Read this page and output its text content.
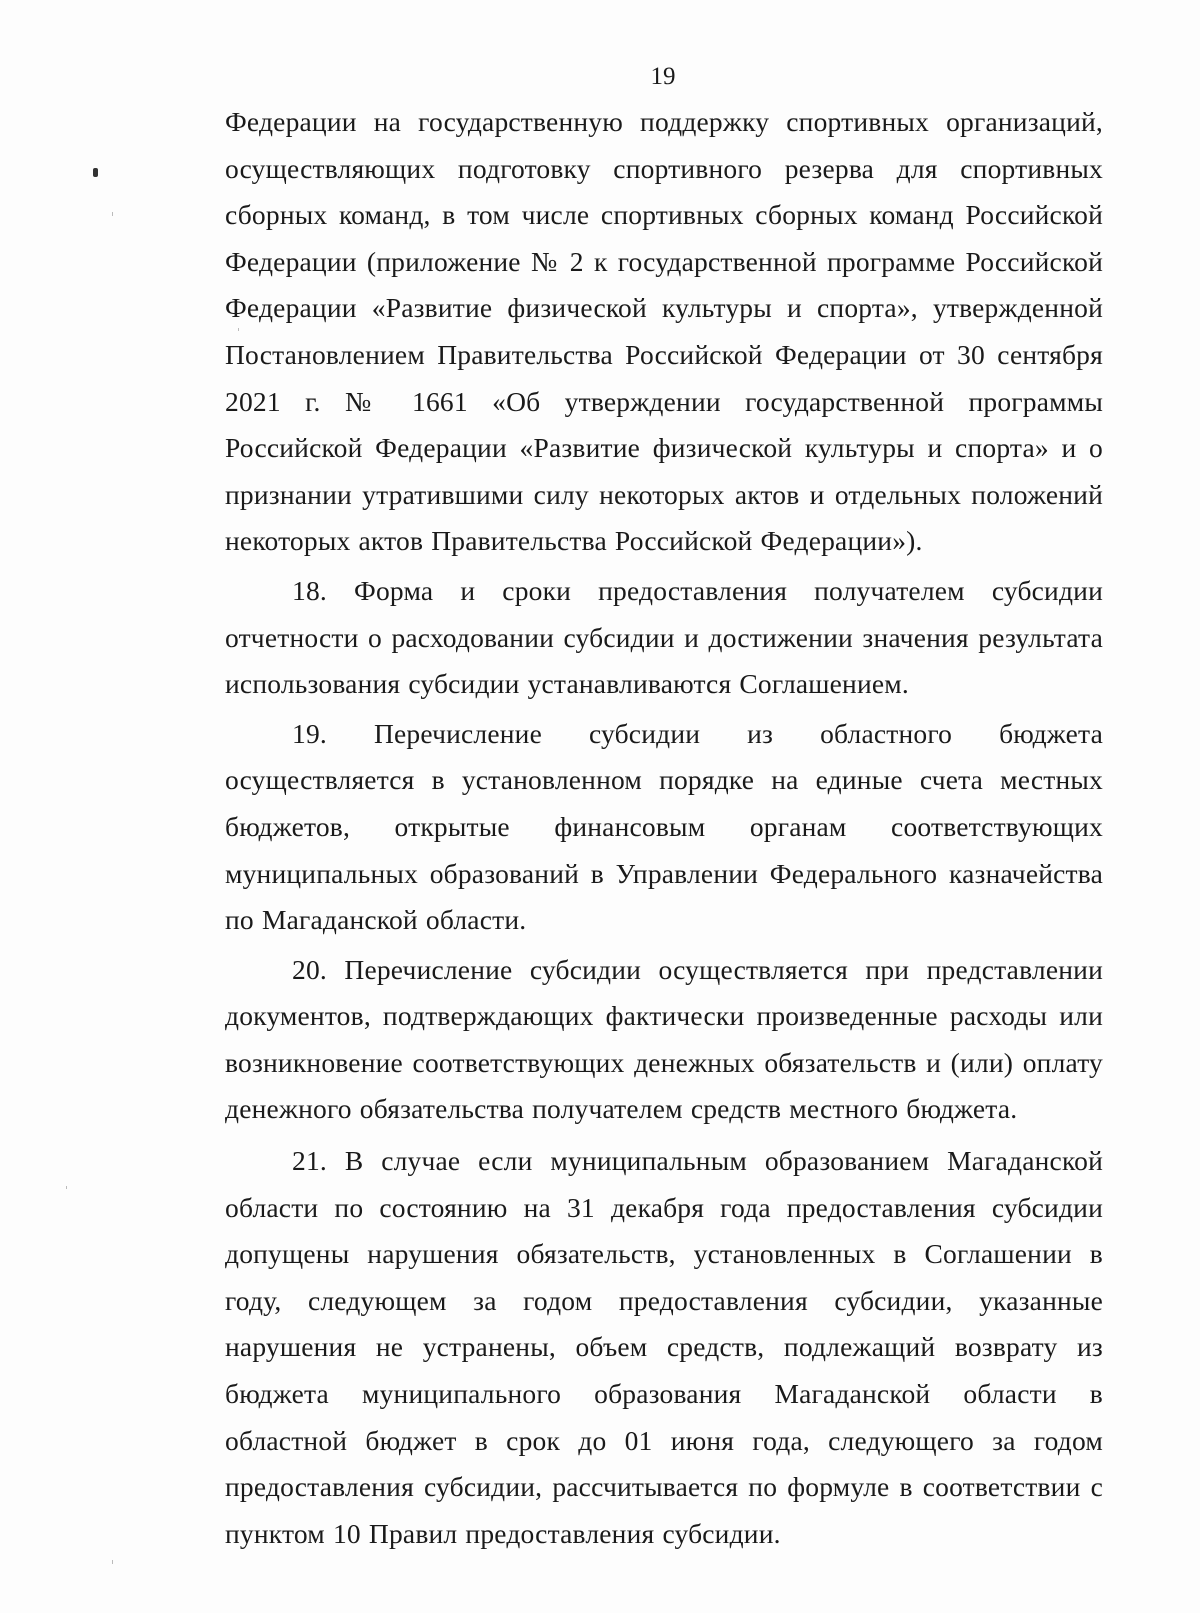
19

Федерации на государственную поддержку спортивных организаций, осуществляющих подготовку спортивного резерва для спортивных сборных команд, в том числе спортивных сборных команд Российской Федерации (приложение № 2 к государственной программе Российской Федерации «Развитие физической культуры и спорта», утвержденной Постановлением Правительства Российской Федерации от 30 сентября 2021 г. № 1661 «Об утверждении государственной программы Российской Федерации «Развитие физической культуры и спорта» и о признании утратившими силу некоторых актов и отдельных положений некоторых актов Правительства Российской Федерации»).

18. Форма и сроки предоставления получателем субсидии отчетности о расходовании субсидии и достижении значения результата использования субсидии устанавливаются Соглашением.

19. Перечисление субсидии из областного бюджета осуществляется в установленном порядке на единые счета местных бюджетов, открытые финансовым органам соответствующих муниципальных образований в Управлении Федерального казначейства по Магаданской области.

20. Перечисление субсидии осуществляется при представлении документов, подтверждающих фактически произведенные расходы или возникновение соответствующих денежных обязательств и (или) оплату денежного обязательства получателем средств местного бюджета.

21. В случае если муниципальным образованием Магаданской области по состоянию на 31 декабря года предоставления субсидии допущены нарушения обязательств, установленных в Соглашении в году, следующем за годом предоставления субсидии, указанные нарушения не устранены, объем средств, подлежащий возврату из бюджета муниципального образования Магаданской области в областной бюджет в срок до 01 июня года, следующего за годом предоставления субсидии, рассчитывается по формуле в соответствии с пунктом 10 Правил предоставления субсидии.
